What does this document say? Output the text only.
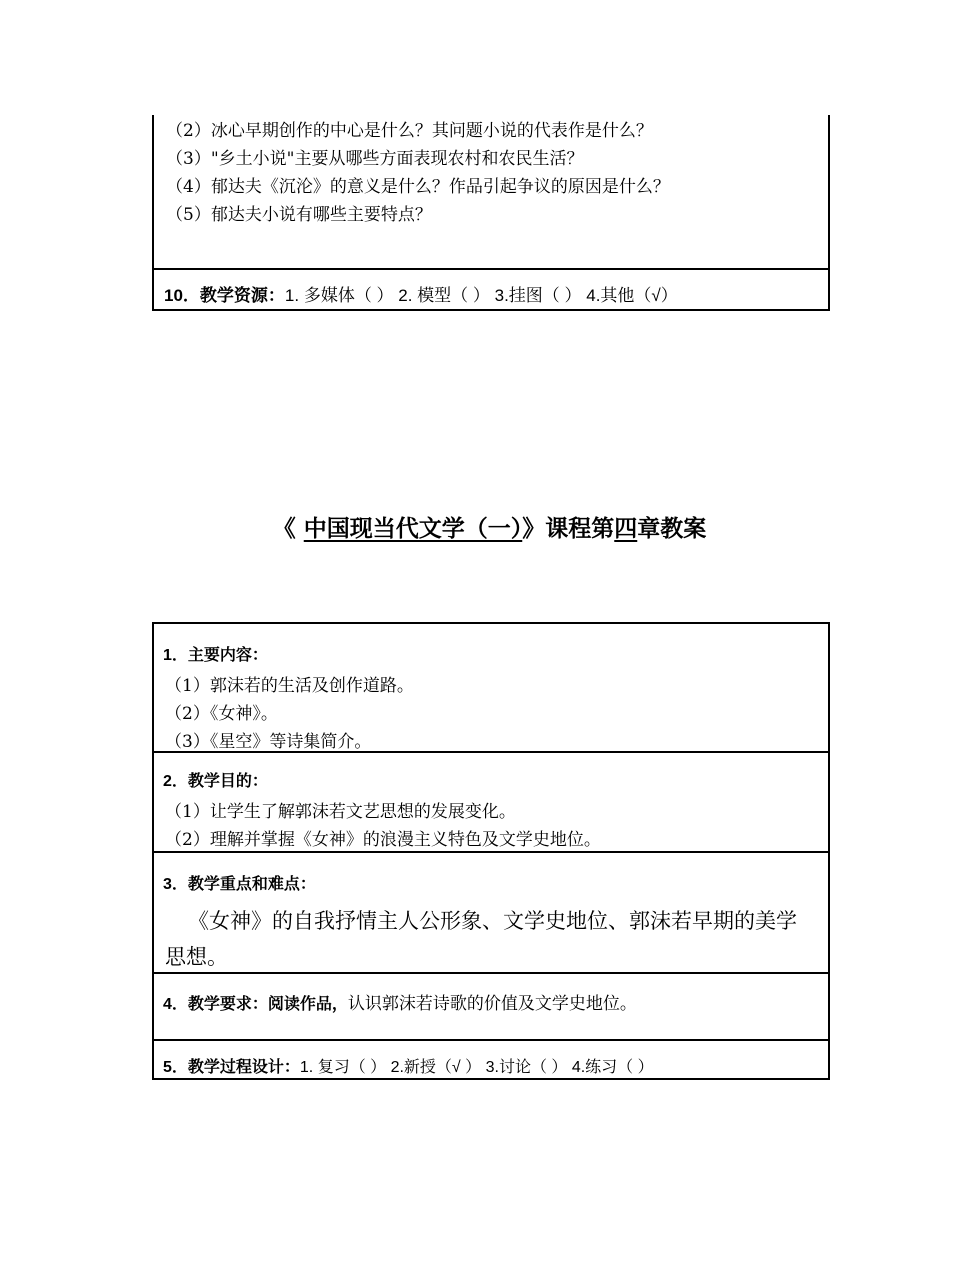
（2）冰心早期创作的中心是什么？其问题小说的代表作是什么？
（3）"乡土小说"主要从哪些方面表现农村和农民生活？
（4）郁达夫《沉沦》的意义是什么？作品引起争议的原因是什么？
（5）郁达夫小说有哪些主要特点？
10．教学资源：1. 多媒体（ ） 2. 模型（ ） 3.挂图（ ） 4.其他（√）
《 中国现当代文学（一）》课程第四章教案
1．主要内容：
（1）郭沫若的生活及创作道路。
（2）《女神》。
（3）《星空》等诗集简介。
2．教学目的：
（1）让学生了解郭沫若文艺思想的发展变化。
（2）理解并掌握《女神》的浪漫主义特色及文学史地位。
3．教学重点和难点：
《女神》的自我抒情主人公形象、文学史地位、郭沫若早期的美学
思想。
4．教学要求：阅读作品，认识郭沫若诗歌的价值及文学史地位。
5．教学过程设计：1. 复习（ ） 2.新授（√ ） 3.讨论（ ） 4.练习（ ）
